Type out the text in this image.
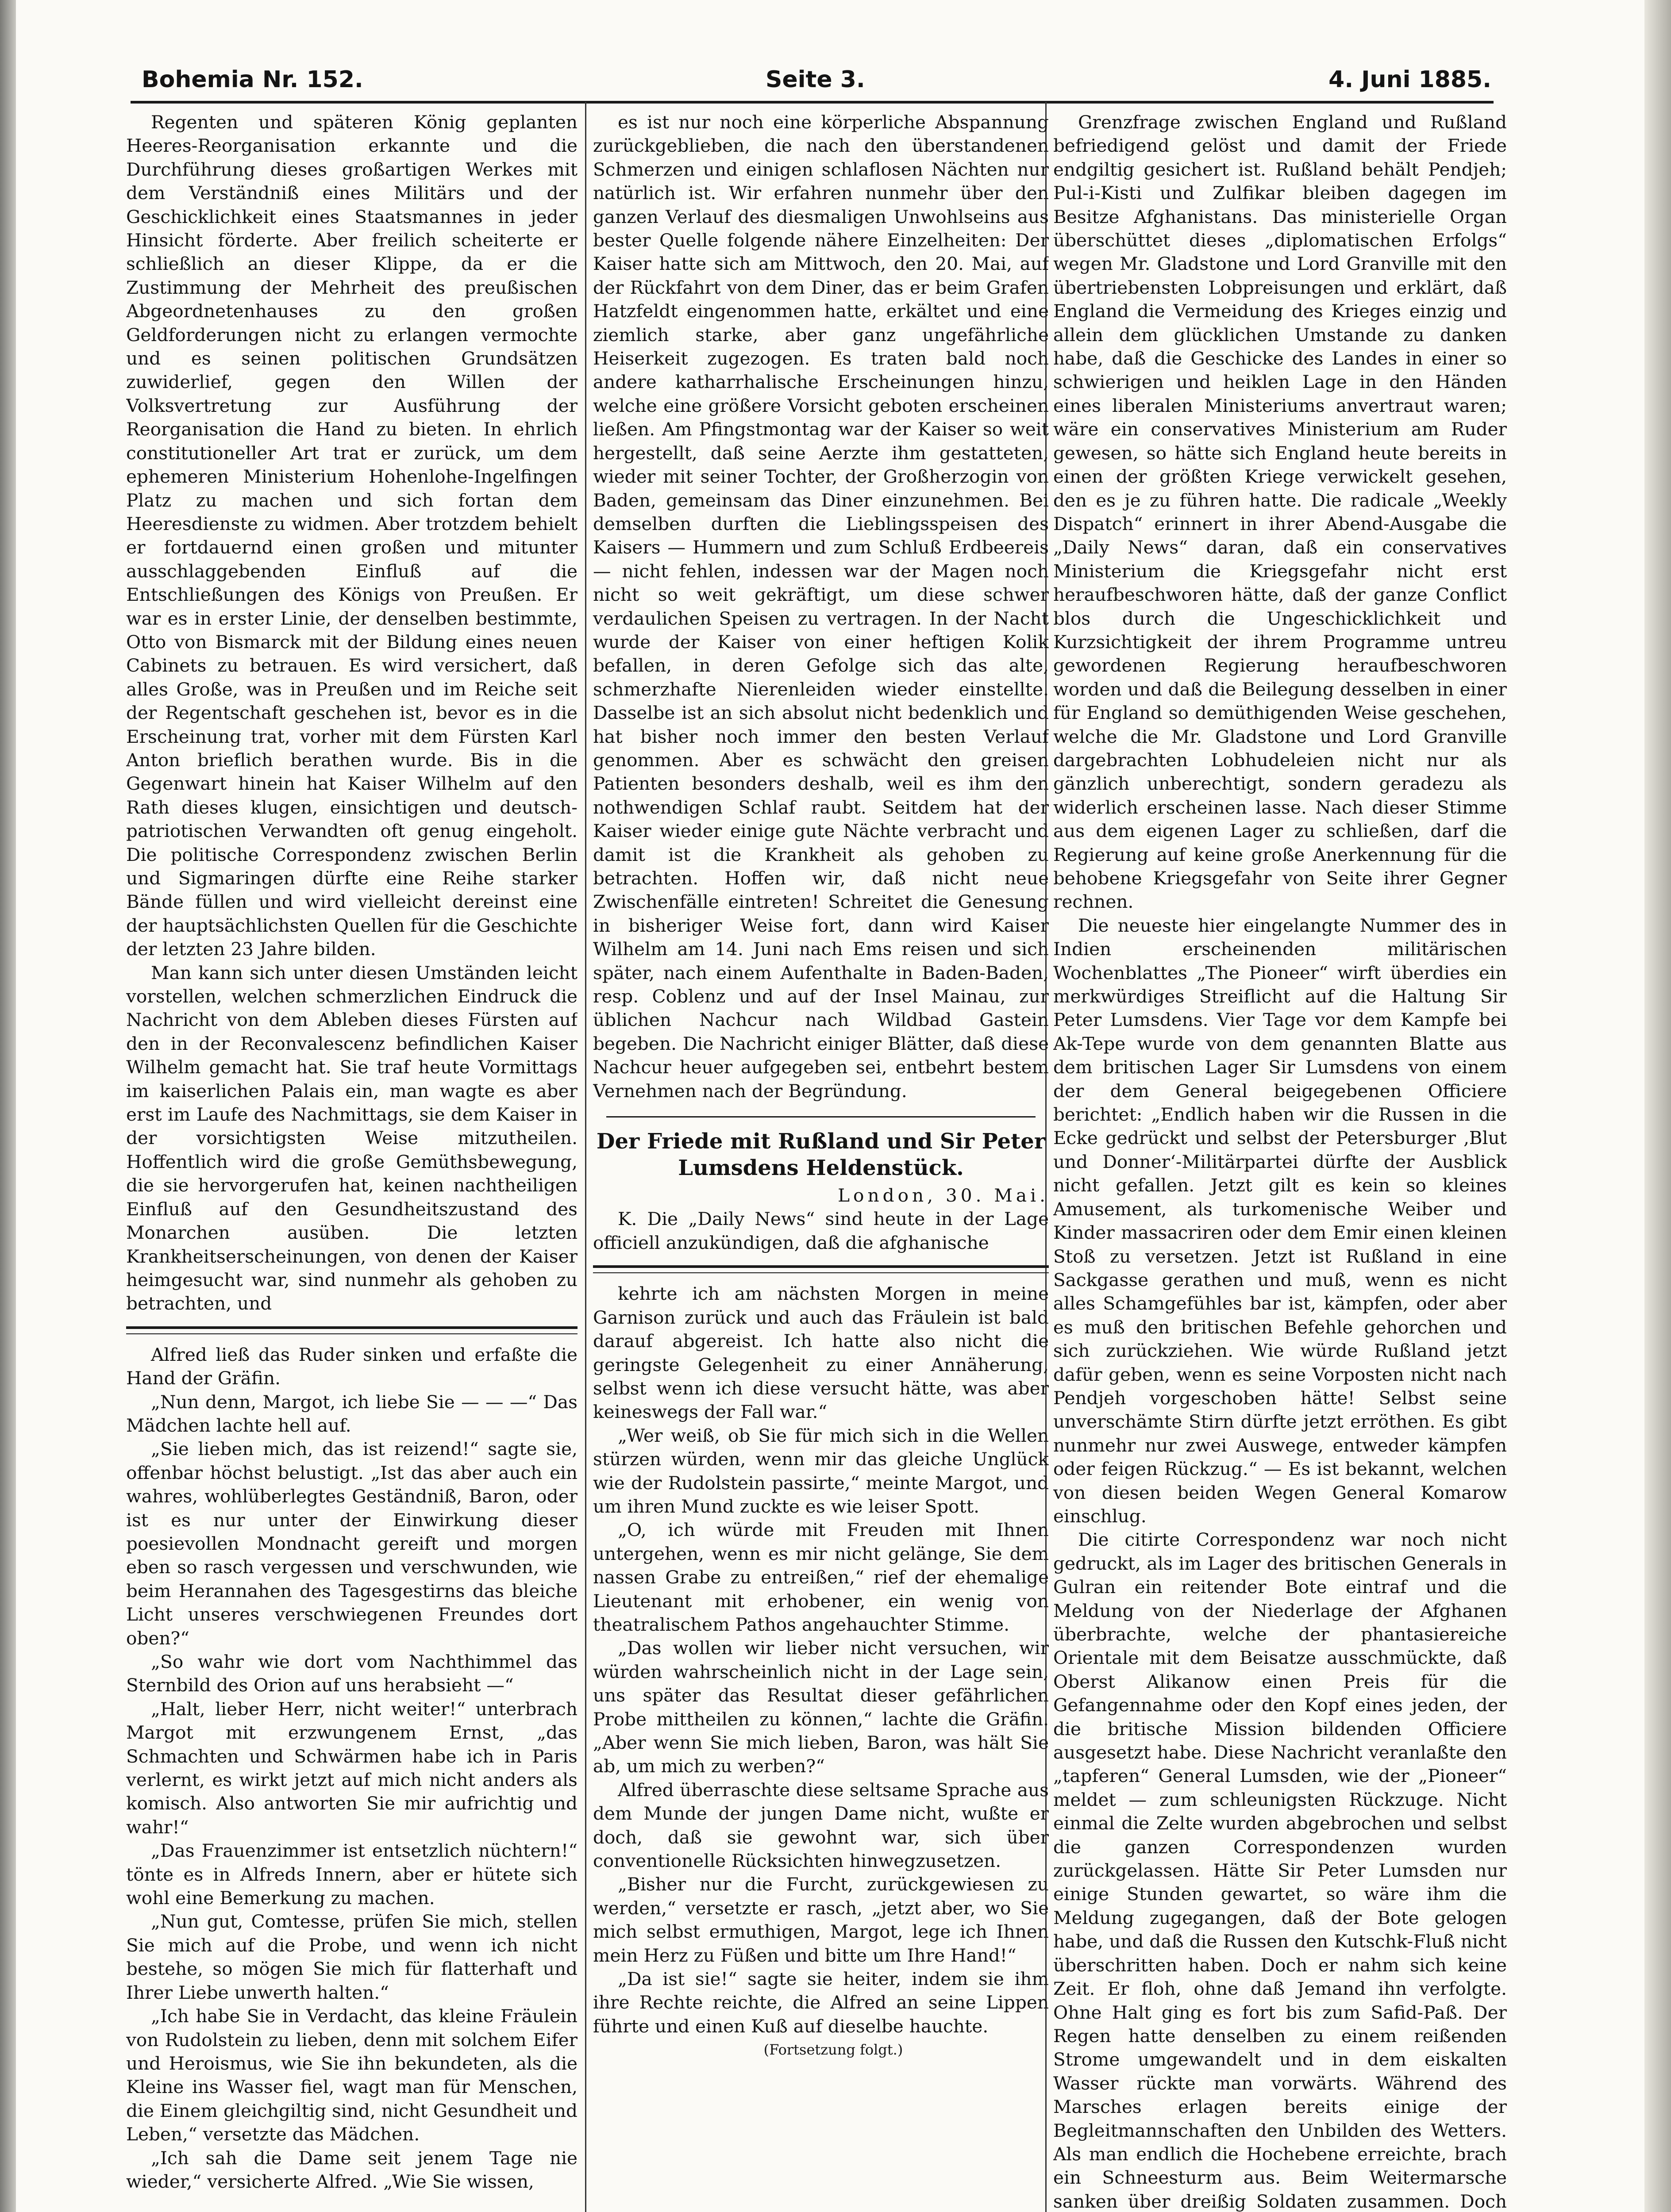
Bohemia Nr. 152.	Seite 3.	4. Juni 1885.

Regenten und späteren König geplanten Heeres-Reorganisation erkannte und die Durchführung dieses großartigen Werkes mit dem Verständniß eines Militärs und der Geschicklichkeit eines Staatsmannes in jeder Hinsicht förderte. Aber freilich scheiterte er schließlich an dieser Klippe, da er die Zustimmung der Mehrheit des preußischen Abgeordnetenhauses zu den großen Geldforderungen nicht zu erlangen vermochte und es seinen politischen Grundsätzen zuwiderlief, gegen den Willen der Volksvertretung zur Ausführung der Reorganisation die Hand zu bieten. In ehrlich constitutioneller Art trat er zurück, um dem ephemeren Ministerium Hohenlohe-Ingelfingen Platz zu machen und sich fortan dem Heeresdienste zu widmen. Aber trotzdem behielt er fortdauernd einen großen und mitunter ausschlaggebenden Einfluß auf die Entschließungen des Königs von Preußen. Er war es in erster Linie, der denselben bestimmte, Otto von Bismarck mit der Bildung eines neuen Cabinets zu betrauen. Es wird versichert, daß alles Große, was in Preußen und im Reiche seit der Regentschaft geschehen ist, bevor es in die Erscheinung trat, vorher mit dem Fürsten Karl Anton brieflich berathen wurde. Bis in die Gegenwart hinein hat Kaiser Wilhelm auf den Rath dieses klugen, einsichtigen und deutsch-patriotischen Verwandten oft genug eingeholt. Die politische Correspondenz zwischen Berlin und Sigmaringen dürfte eine Reihe starker Bände füllen und wird vielleicht dereinst eine der hauptsächlichsten Quellen für die Geschichte der letzten 23 Jahre bilden.

Man kann sich unter diesen Umständen leicht vorstellen, welchen schmerzlichen Eindruck die Nachricht von dem Ableben dieses Fürsten auf den in der Reconvalescenz befindlichen Kaiser Wilhelm gemacht hat. Sie traf heute Vormittags im kaiserlichen Palais ein, man wagte es aber erst im Laufe des Nachmittags, sie dem Kaiser in der vorsichtigsten Weise mitzutheilen. Hoffentlich wird die große Gemüthsbewegung, die sie hervorgerufen hat, keinen nachtheiligen Einfluß auf den Gesundheitszustand des Monarchen ausüben. Die letzten Krankheitserscheinungen, von denen der Kaiser heimgesucht war, sind nunmehr als gehoben zu betrachten, und

Alfred ließ das Ruder sinken und erfaßte die Hand der Gräfin.

„Nun denn, Margot, ich liebe Sie — — —“ Das Mädchen lachte hell auf.

„Sie lieben mich, das ist reizend!“ sagte sie, offenbar höchst belustigt. „Ist das aber auch ein wahres, wohlüberlegtes Geständniß, Baron, oder ist es nur unter der Einwirkung dieser poesievollen Mondnacht gereift und morgen eben so rasch vergessen und verschwunden, wie beim Herannahen des Tagesgestirns das bleiche Licht unseres verschwiegenen Freundes dort oben?“

„So wahr wie dort vom Nachthimmel das Sternbild des Orion auf uns herabsieht —“

„Halt, lieber Herr, nicht weiter!“ unterbrach Margot mit erzwungenem Ernst, „das Schmachten und Schwärmen habe ich in Paris verlernt, es wirkt jetzt auf mich nicht anders als komisch. Also antworten Sie mir aufrichtig und wahr!“

„Das Frauenzimmer ist entsetzlich nüchtern!“ tönte es in Alfreds Innern, aber er hütete sich wohl eine Bemerkung zu machen.

„Nun gut, Comtesse, prüfen Sie mich, stellen Sie mich auf die Probe, und wenn ich nicht bestehe, so mögen Sie mich für flatterhaft und Ihrer Liebe unwerth halten.“

„Ich habe Sie in Verdacht, das kleine Fräulein von Rudolstein zu lieben, denn mit solchem Eifer und Heroismus, wie Sie ihn bekundeten, als die Kleine ins Wasser fiel, wagt man für Menschen, die Einem gleichgiltig sind, nicht Gesundheit und Leben,“ versetzte das Mädchen.

„Ich sah die Dame seit jenem Tage nie wieder,“ versicherte Alfred. „Wie Sie wissen,

es ist nur noch eine körperliche Abspannung zurückgeblieben, die nach den überstandenen Schmerzen und einigen schlaflosen Nächten nur natürlich ist. Wir erfahren nunmehr über den ganzen Verlauf des diesmaligen Unwohlseins aus bester Quelle folgende nähere Einzelheiten: Der Kaiser hatte sich am Mittwoch, den 20. Mai, auf der Rückfahrt von dem Diner, das er beim Grafen Hatzfeldt eingenommen hatte, erkältet und eine ziemlich starke, aber ganz ungefährliche Heiserkeit zugezogen. Es traten bald noch andere katharrhalische Erscheinungen hinzu, welche eine größere Vorsicht geboten erscheinen ließen. Am Pfingstmontag war der Kaiser so weit hergestellt, daß seine Aerzte ihm gestatteten, wieder mit seiner Tochter, der Großherzogin von Baden, gemeinsam das Diner einzunehmen. Bei demselben durften die Lieblingsspeisen des Kaisers — Hummern und zum Schluß Erdbeereis — nicht fehlen, indessen war der Magen noch nicht so weit gekräftigt, um diese schwer verdaulichen Speisen zu vertragen. In der Nacht wurde der Kaiser von einer heftigen Kolik befallen, in deren Gefolge sich das alte, schmerzhafte Nierenleiden wieder einstellte. Dasselbe ist an sich absolut nicht bedenklich und hat bisher noch immer den besten Verlauf genommen. Aber es schwächt den greisen Patienten besonders deshalb, weil es ihm den nothwendigen Schlaf raubt. Seitdem hat der Kaiser wieder einige gute Nächte verbracht und damit ist die Krankheit als gehoben zu betrachten. Hoffen wir, daß nicht neue Zwischenfälle eintreten! Schreitet die Genesung in bisheriger Weise fort, dann wird Kaiser Wilhelm am 14. Juni nach Ems reisen und sich später, nach einem Aufenthalte in Baden-Baden, resp. Coblenz und auf der Insel Mainau, zur üblichen Nachcur nach Wildbad Gastein begeben. Die Nachricht einiger Blätter, daß diese Nachcur heuer aufgegeben sei, entbehrt bestem Vernehmen nach der Begründung.

Der Friede mit Rußland und Sir Peter Lumsdens Heldenstück.

London, 30. Mai.

K. Die „Daily News“ sind heute in der Lage officiell anzukündigen, daß die afghanische

kehrte ich am nächsten Morgen in meine Garnison zurück und auch das Fräulein ist bald darauf abgereist. Ich hatte also nicht die geringste Gelegenheit zu einer Annäherung, selbst wenn ich diese versucht hätte, was aber keineswegs der Fall war.“

„Wer weiß, ob Sie für mich sich in die Wellen stürzen würden, wenn mir das gleiche Unglück wie der Rudolstein passirte,“ meinte Margot, und um ihren Mund zuckte es wie leiser Spott.

„O, ich würde mit Freuden mit Ihnen untergehen, wenn es mir nicht gelänge, Sie dem nassen Grabe zu entreißen,“ rief der ehemalige Lieutenant mit erhobener, ein wenig von theatralischem Pathos angehauchter Stimme.

„Das wollen wir lieber nicht versuchen, wir würden wahrscheinlich nicht in der Lage sein, uns später das Resultat dieser gefährlichen Probe mittheilen zu können,“ lachte die Gräfin. „Aber wenn Sie mich lieben, Baron, was hält Sie ab, um mich zu werben?“

Alfred überraschte diese seltsame Sprache aus dem Munde der jungen Dame nicht, wußte er doch, daß sie gewohnt war, sich über conventionelle Rücksichten hinwegzusetzen.

„Bisher nur die Furcht, zurückgewiesen zu werden,“ versetzte er rasch, „jetzt aber, wo Sie mich selbst ermuthigen, Margot, lege ich Ihnen mein Herz zu Füßen und bitte um Ihre Hand!“

„Da ist sie!“ sagte sie heiter, indem sie ihm ihre Rechte reichte, die Alfred an seine Lippen führte und einen Kuß auf dieselbe hauchte.

(Fortsetzung folgt.)

Grenzfrage zwischen England und Rußland befriedigend gelöst und damit der Friede endgiltig gesichert ist. Rußland behält Pendjeh; Pul-i-Kisti und Zulfikar bleiben dagegen im Besitze Afghanistans. Das ministerielle Organ überschüttet dieses „diplomatischen Erfolgs“ wegen Mr. Gladstone und Lord Granville mit den übertriebensten Lobpreisungen und erklärt, daß England die Vermeidung des Krieges einzig und allein dem glücklichen Umstande zu danken habe, daß die Geschicke des Landes in einer so schwierigen und heiklen Lage in den Händen eines liberalen Ministeriums anvertraut waren; wäre ein conservatives Ministerium am Ruder gewesen, so hätte sich England heute bereits in einen der größten Kriege verwickelt gesehen, den es je zu führen hatte. Die radicale „Weekly Dispatch“ erinnert in ihrer Abend-Ausgabe die „Daily News“ daran, daß ein conservatives Ministerium die Kriegsgefahr nicht erst heraufbeschworen hätte, daß der ganze Conflict blos durch die Ungeschicklichkeit und Kurzsichtigkeit der ihrem Programme untreu gewordenen Regierung heraufbeschworen worden und daß die Beilegung desselben in einer für England so demüthigenden Weise geschehen, welche die Mr. Gladstone und Lord Granville dargebrachten Lobhudeleien nicht nur als gänzlich unberechtigt, sondern geradezu als widerlich erscheinen lasse. Nach dieser Stimme aus dem eigenen Lager zu schließen, darf die Regierung auf keine große Anerkennung für die behobene Kriegsgefahr von Seite ihrer Gegner rechnen.

Die neueste hier eingelangte Nummer des in Indien erscheinenden militärischen Wochenblattes „The Pioneer“ wirft überdies ein merkwürdiges Streiflicht auf die Haltung Sir Peter Lumsdens. Vier Tage vor dem Kampfe bei Ak-Tepe wurde von dem genannten Blatte aus dem britischen Lager Sir Lumsdens von einem der dem General beigegebenen Officiere berichtet: „Endlich haben wir die Russen in die Ecke gedrückt und selbst der Petersburger ‚Blut und Donner‘-Militärpartei dürfte der Ausblick nicht gefallen. Jetzt gilt es kein so kleines Amusement, als turkomenische Weiber und Kinder massacriren oder dem Emir einen kleinen Stoß zu versetzen. Jetzt ist Rußland in eine Sackgasse gerathen und muß, wenn es nicht alles Schamgefühles bar ist, kämpfen, oder aber es muß den britischen Befehle gehorchen und sich zurückziehen. Wie würde Rußland jetzt dafür geben, wenn es seine Vorposten nicht nach Pendjeh vorgeschoben hätte! Selbst seine unverschämte Stirn dürfte jetzt erröthen. Es gibt nunmehr nur zwei Auswege, entweder kämpfen oder feigen Rückzug.“ — Es ist bekannt, welchen von diesen beiden Wegen General Komarow einschlug.

Die citirte Correspondenz war noch nicht gedruckt, als im Lager des britischen Generals in Gulran ein reitender Bote eintraf und die Meldung von der Niederlage der Afghanen überbrachte, welche der phantasiereiche Orientale mit dem Beisatze ausschmückte, daß Oberst Alikanow einen Preis für die Gefangennahme oder den Kopf eines jeden, der die britische Mission bildenden Officiere ausgesetzt habe. Diese Nachricht veranlaßte den „tapferen“ General Lumsden, wie der „Pioneer“ meldet — zum schleunigsten Rückzuge. Nicht einmal die Zelte wurden abgebrochen und selbst die ganzen Correspondenzen wurden zurückgelassen. Hätte Sir Peter Lumsden nur einige Stunden gewartet, so wäre ihm die Meldung zugegangen, daß der Bote gelogen habe, und daß die Russen den Kutschk-Fluß nicht überschritten haben. Doch er nahm sich keine Zeit. Er floh, ohne daß Jemand ihn verfolgte. Ohne Halt ging es fort bis zum Safid-Paß. Der Regen hatte denselben zu einem reißenden Strome umgewandelt und in dem eiskalten Wasser rückte man vorwärts. Während des Marsches erlagen bereits einige der Begleitmannschaften den Unbilden des Wetters. Als man endlich die Hochebene erreichte, brach ein Schneesturm aus. Beim Weitermarsche sanken über dreißig Soldaten zusammen. Doch
